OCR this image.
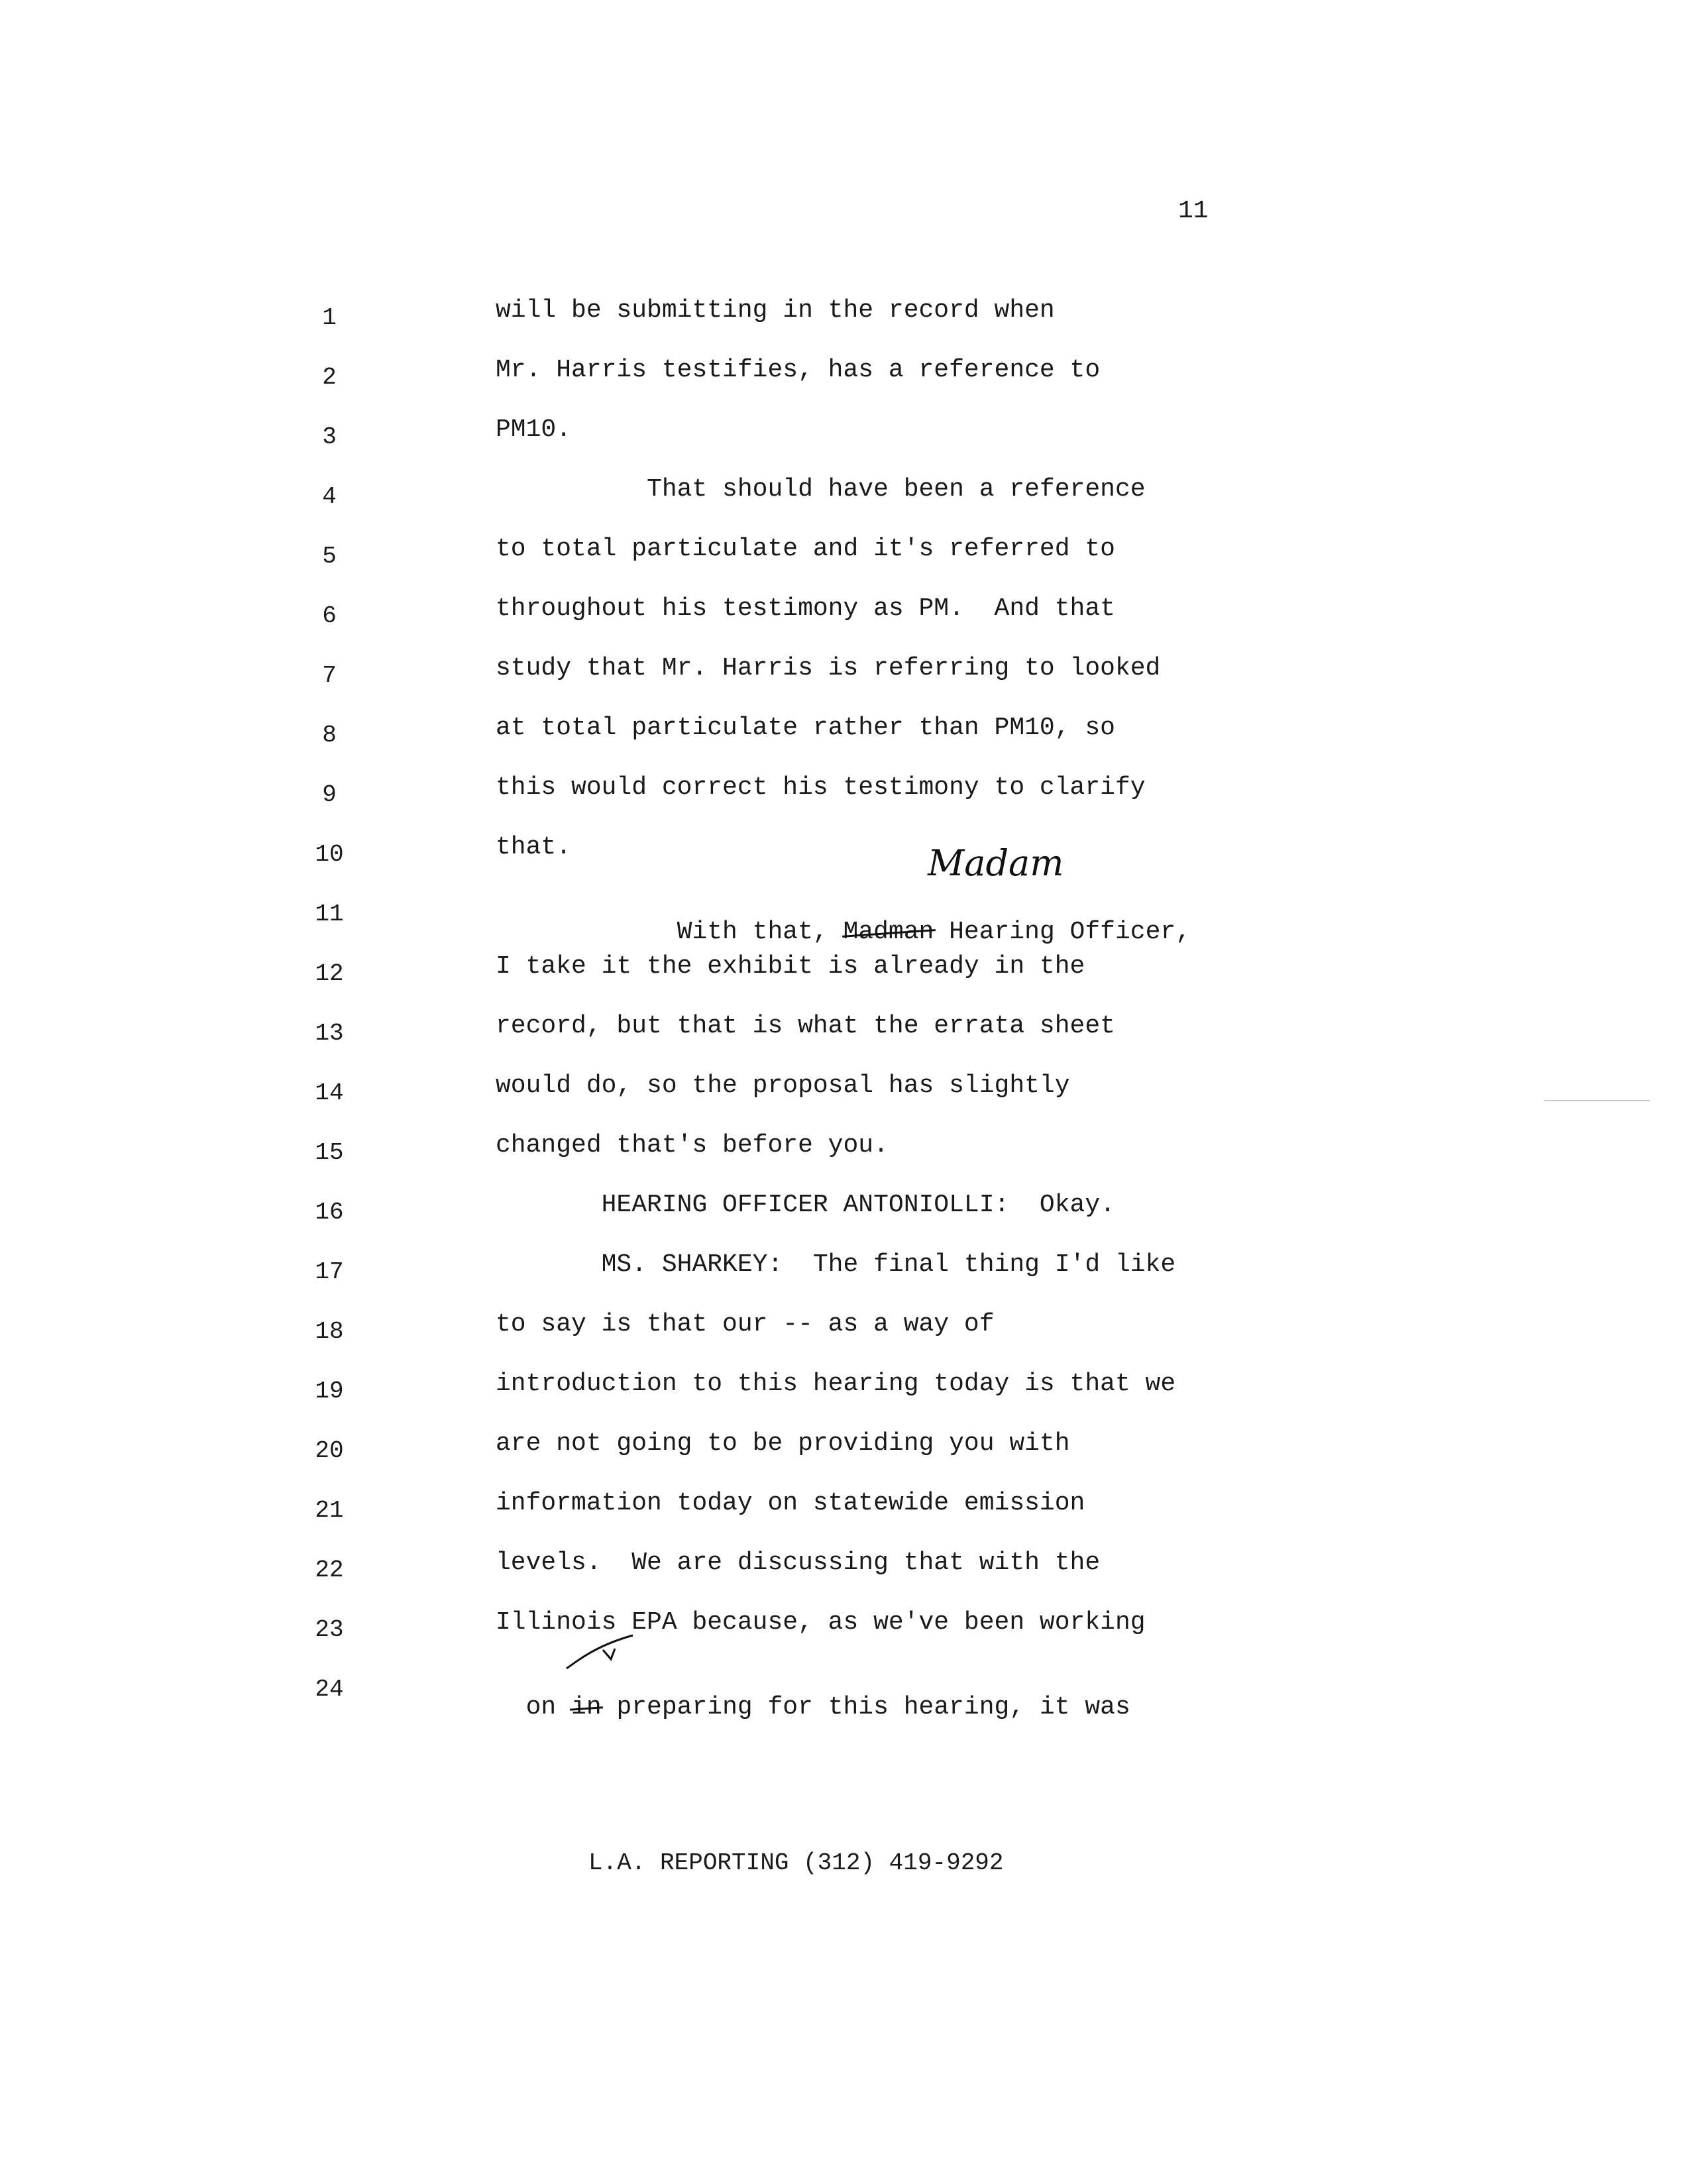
11
1
2
3
4
5
6
7
8
9
10
11
12
13
14
15
16
17
18
19
20
21
22
23
24
will be submitting in the record when
Mr. Harris testifies, has a reference to
PM10.
That should have been a reference
to total particulate and it's referred to
throughout his testimony as PM.  And that
study that Mr. Harris is referring to looked
at total particulate rather than PM10, so
this would correct his testimony to clarify
that.	Madam

With that, Madman Hearing Officer,

I take it the exhibit is already in the
record, but that is what the errata sheet
would do, so the proposal has slightly
changed that's before you.
HEARING OFFICER ANTONIOLLI:  Okay.
MS. SHARKEY:  The final thing I'd like
to say is that our -- as a way of
introduction to this hearing today is that we
are not going to be providing you with
information today on statewide emission
levels.  We are discussing that with the
Illinois EPA because, as we've been working

on in preparing for this hearing, it was

L.A. REPORTING (312) 419-9292
